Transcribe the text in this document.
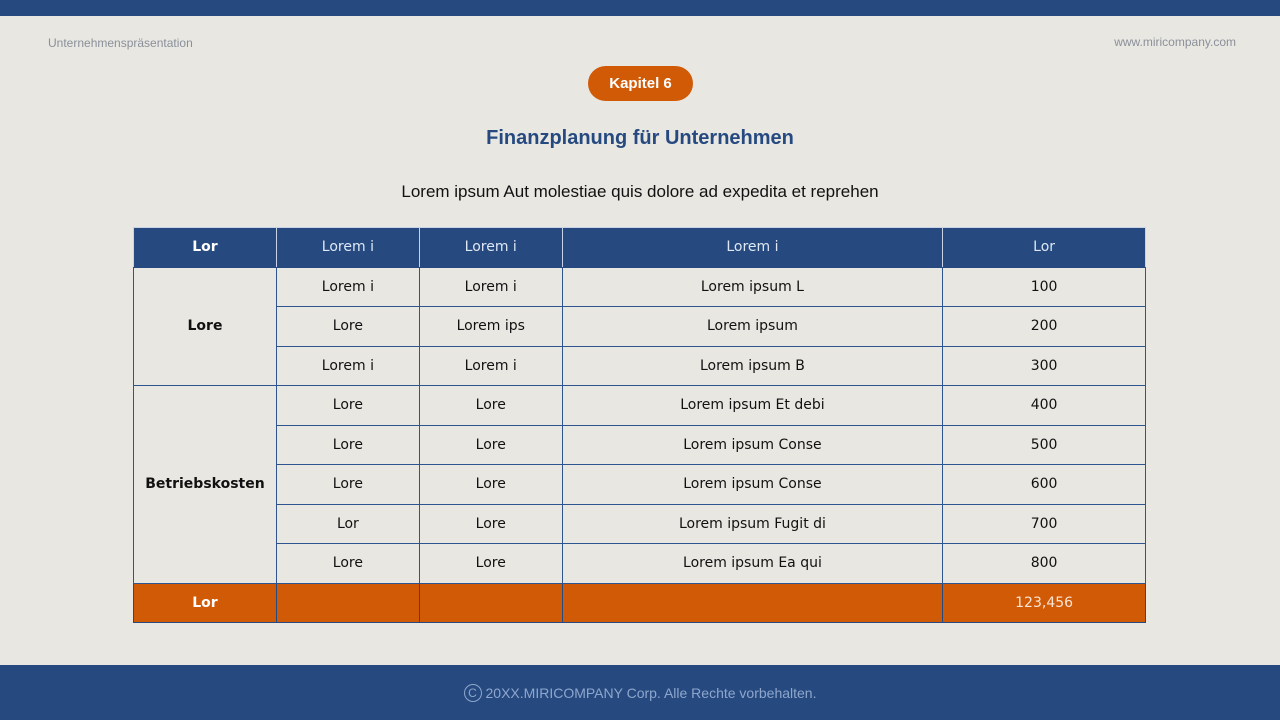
Unternehmenspräsentation	www.miricompany.com
Kapitel 6
Finanzplanung für Unternehmen
Lorem ipsum Aut molestiae quis dolore ad expedita et reprehen
Lor	Lorem i	Lorem i	Lorem i	Lor
Lore	Lorem i	Lorem i	Lorem ipsum L	100
	Lore	Lorem ips	Lorem ipsum	200
	Lorem i	Lorem i	Lorem ipsum B	300
Betriebskosten	Lore	Lore	Lorem ipsum Et debi	400
	Lore	Lore	Lorem ipsum Conse	500
	Lore	Lore	Lorem ipsum Conse	600
	Lor	Lore	Lorem ipsum Fugit di	700
	Lore	Lore	Lorem ipsum Ea qui	800
Lor				123,456
C 20XX.MIRICOMPANY Corp. Alle Rechte vorbehalten.
